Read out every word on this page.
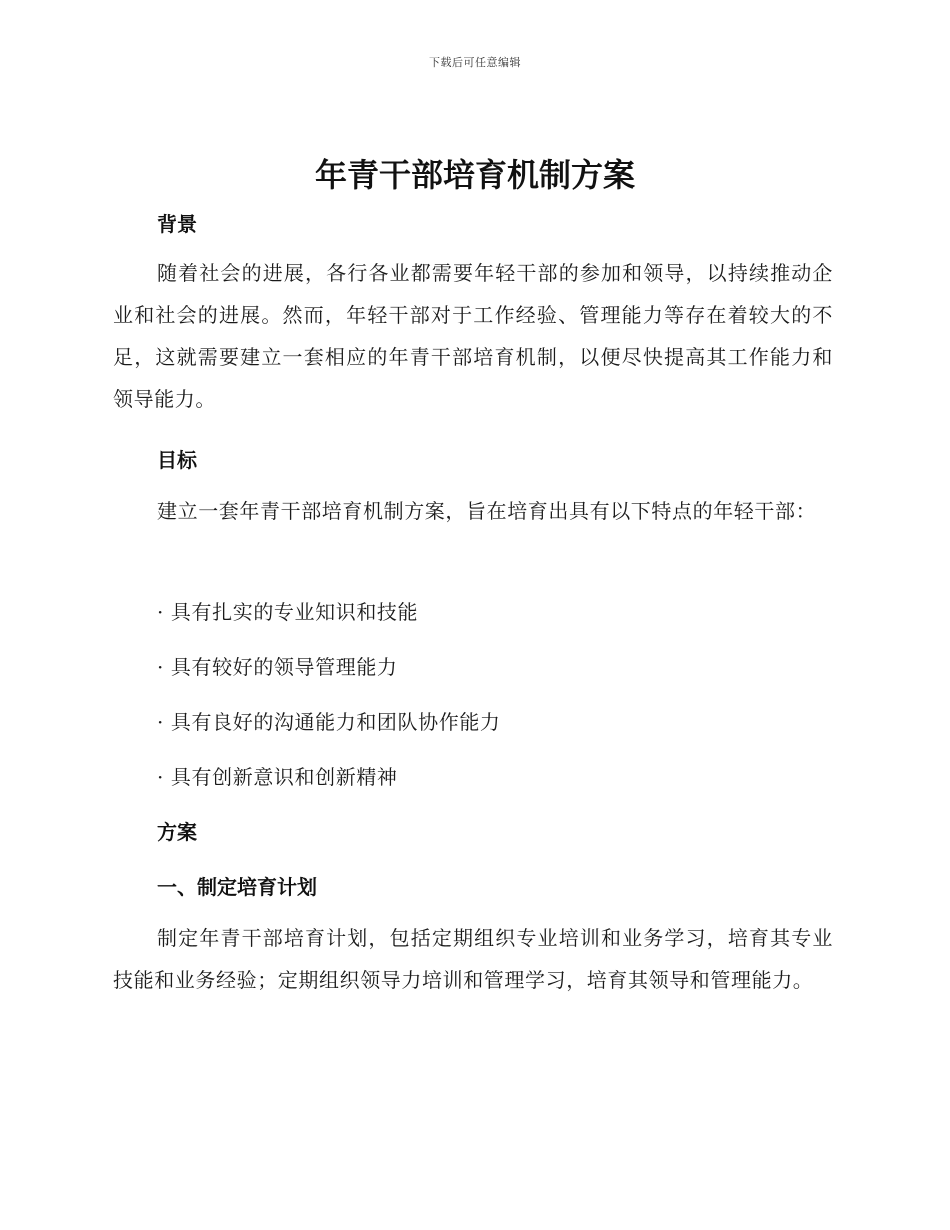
下载后可任意编辑
年青干部培育机制方案
背景

随着社会的进展，各行各业都需要年轻干部的参加和领导，以持续推动企业和社会的进展。然而，年轻干部对于工作经验、管理能力等存在着较大的不足，这就需要建立一套相应的年青干部培育机制，以便尽快提高其工作能力和领导能力。

目标

建立一套年青干部培育机制方案，旨在培育出具有以下特点的年轻干部：

· 具有扎实的专业知识和技能
· 具有较好的领导管理能力
· 具有良好的沟通能力和团队协作能力
· 具有创新意识和创新精神
方案
一、制定培育计划

制定年青干部培育计划，包括定期组织专业培训和业务学习，培育其专业技能和业务经验；定期组织领导力培训和管理学习，培育其领导和管理能力。
